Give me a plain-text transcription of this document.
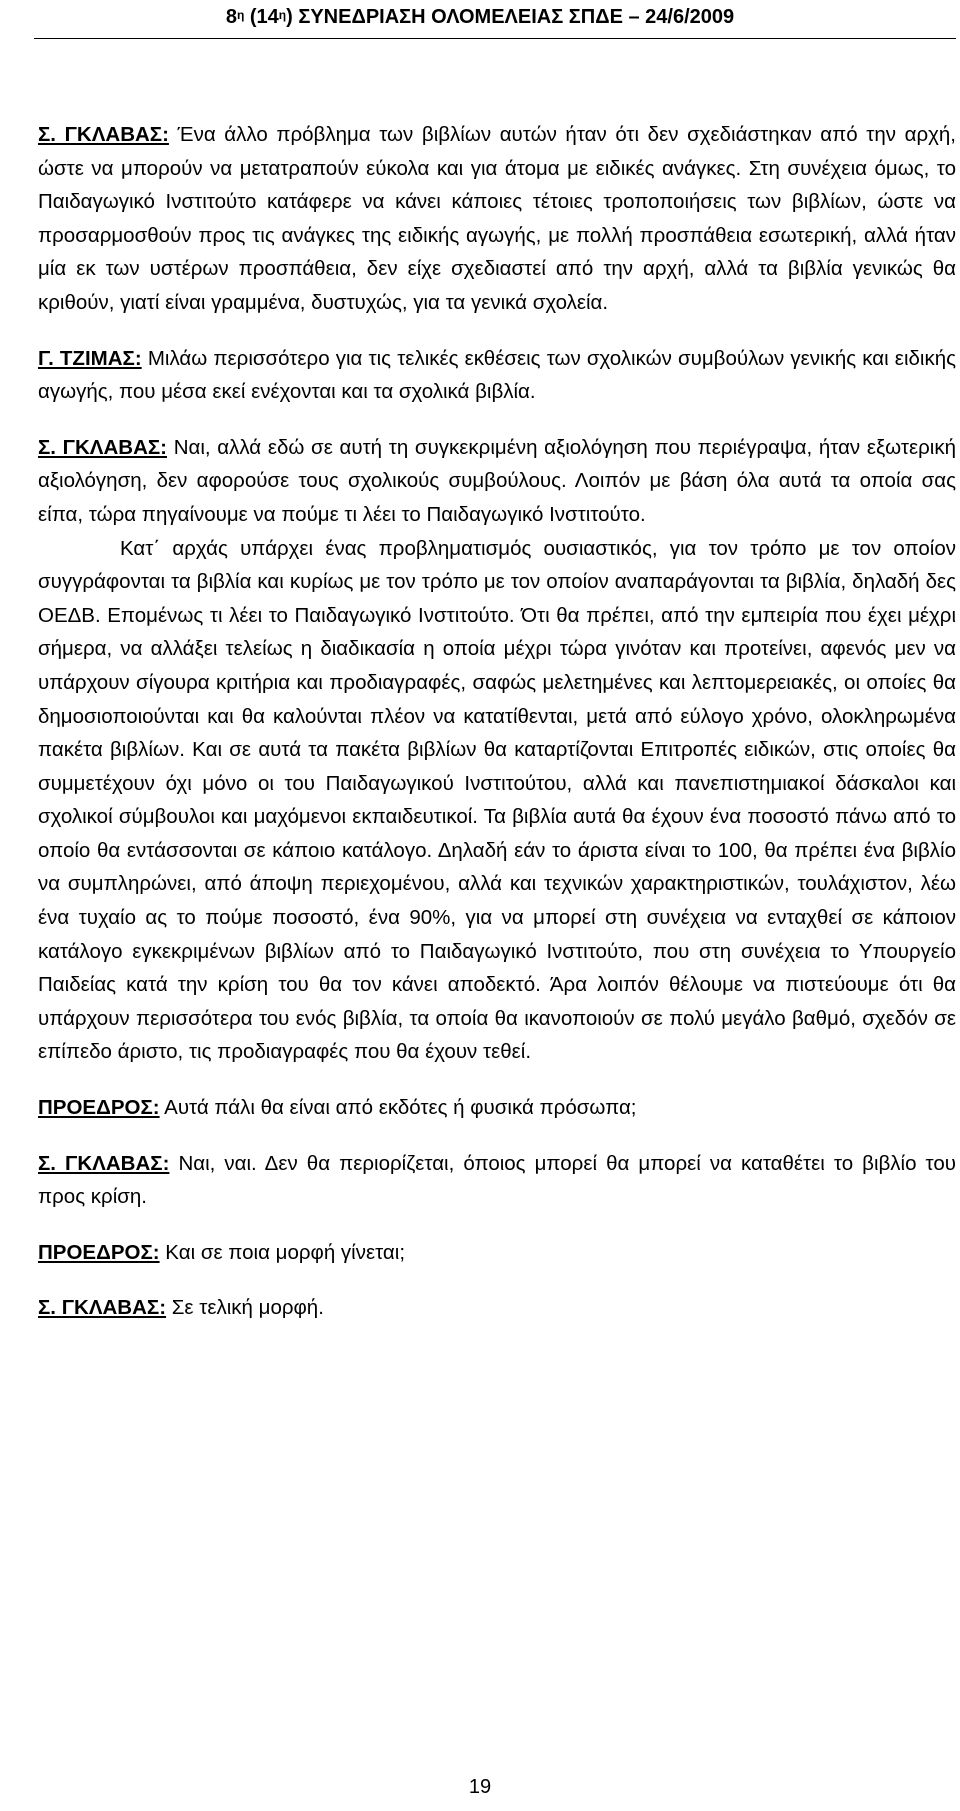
$8^\eta$ $(14^\eta)$ ΣΥΝΕΔΡΙΑΣΗ ΟΛΟΜΕΛΕΙΑΣ ΣΠΔΕ – 24/6/2009

Σ. ΓΚΛΑΒΑΣ: Ένα άλλο πρόβλημα των βιβλίων αυτών ήταν ότι δεν σχεδιάστηκαν από την αρχή, ώστε να μπορούν να μετατραπούν εύκολα και για άτομα με ειδικές ανάγκες. Στη συνέχεια όμως, το Παιδαγωγικό Ινστιτούτο κατάφερε να κάνει κάποιες τέτοιες τροποποιήσεις των βιβλίων, ώστε να προσαρμοσθούν προς τις ανάγκες της ειδικής αγωγής, με πολλή προσπάθεια εσωτερική, αλλά ήταν μία εκ των υστέρων προσπάθεια, δεν είχε σχεδιαστεί από την αρχή, αλλά τα βιβλία γενικώς θα κριθούν, γιατί είναι γραμμένα, δυστυχώς, για τα γενικά σχολεία.

Γ. ΤΖΙΜΑΣ: Μιλάω περισσότερο για τις τελικές εκθέσεις των σχολικών συμβούλων γενικής και ειδικής αγωγής, που μέσα εκεί ενέχονται και τα σχολικά βιβλία.

Σ. ΓΚΛΑΒΑΣ: Ναι, αλλά εδώ σε αυτή τη συγκεκριμένη αξιολόγηση που περιέγραψα, ήταν εξωτερική αξιολόγηση, δεν αφορούσε τους σχολικούς συμβούλους. Λοιπόν με βάση όλα αυτά τα οποία σας είπα, τώρα πηγαίνουμε να πούμε τι λέει το Παιδαγωγικό Ινστιτούτο.

Κατ΄ αρχάς υπάρχει ένας προβληματισμός ουσιαστικός, για τον τρόπο με τον οποίον συγγράφονται τα βιβλία και κυρίως με τον τρόπο με τον οποίον αναπαράγονται τα βιβλία, δηλαδή δες ΟΕΔΒ. Επομένως τι λέει το Παιδαγωγικό Ινστιτούτο. Ότι θα πρέπει, από την εμπειρία που έχει μέχρι σήμερα, να αλλάξει τελείως η διαδικασία η οποία μέχρι τώρα γινόταν και προτείνει, αφενός μεν να υπάρχουν σίγουρα κριτήρια και προδιαγραφές, σαφώς μελετημένες και λεπτομερειακές, οι οποίες θα δημοσιοποιούνται και θα καλούνται πλέον να κατατίθενται, μετά από εύλογο χρόνο, ολοκληρωμένα πακέτα βιβλίων. Και σε αυτά τα πακέτα βιβλίων θα καταρτίζονται Επιτροπές ειδικών, στις οποίες θα συμμετέχουν όχι μόνο οι του Παιδαγωγικού Ινστιτούτου, αλλά και πανεπιστημιακοί δάσκαλοι και σχολικοί σύμβουλοι και μαχόμενοι εκπαιδευτικοί. Τα βιβλία αυτά θα έχουν ένα ποσοστό πάνω από το οποίο θα εντάσσονται σε κάποιο κατάλογο. Δηλαδή εάν το άριστα είναι το 100, θα πρέπει ένα βιβλίο να συμπληρώνει, από άποψη περιεχομένου, αλλά και τεχνικών χαρακτηριστικών, τουλάχιστον, λέω ένα τυχαίο ας το πούμε ποσοστό, ένα 90%, για να μπορεί στη συνέχεια να ενταχθεί σε κάποιον κατάλογο εγκεκριμένων βιβλίων από το Παιδαγωγικό Ινστιτούτο, που στη συνέχεια το Υπουργείο Παιδείας κατά την κρίση του θα τον κάνει αποδεκτό. Άρα λοιπόν θέλουμε να πιστεύουμε ότι θα υπάρχουν περισσότερα του ενός βιβλία, τα οποία θα ικανοποιούν σε πολύ μεγάλο βαθμό, σχεδόν σε επίπεδο άριστο, τις προδιαγραφές που θα έχουν τεθεί.

ΠΡΟΕΔΡΟΣ: Αυτά πάλι θα είναι από εκδότες ή φυσικά πρόσωπα;

Σ. ΓΚΛΑΒΑΣ: Ναι, ναι. Δεν θα περιορίζεται, όποιος μπορεί θα μπορεί να καταθέτει το βιβλίο του προς κρίση.

ΠΡΟΕΔΡΟΣ: Και σε ποια μορφή γίνεται;

Σ. ΓΚΛΑΒΑΣ: Σε τελική μορφή.

19
